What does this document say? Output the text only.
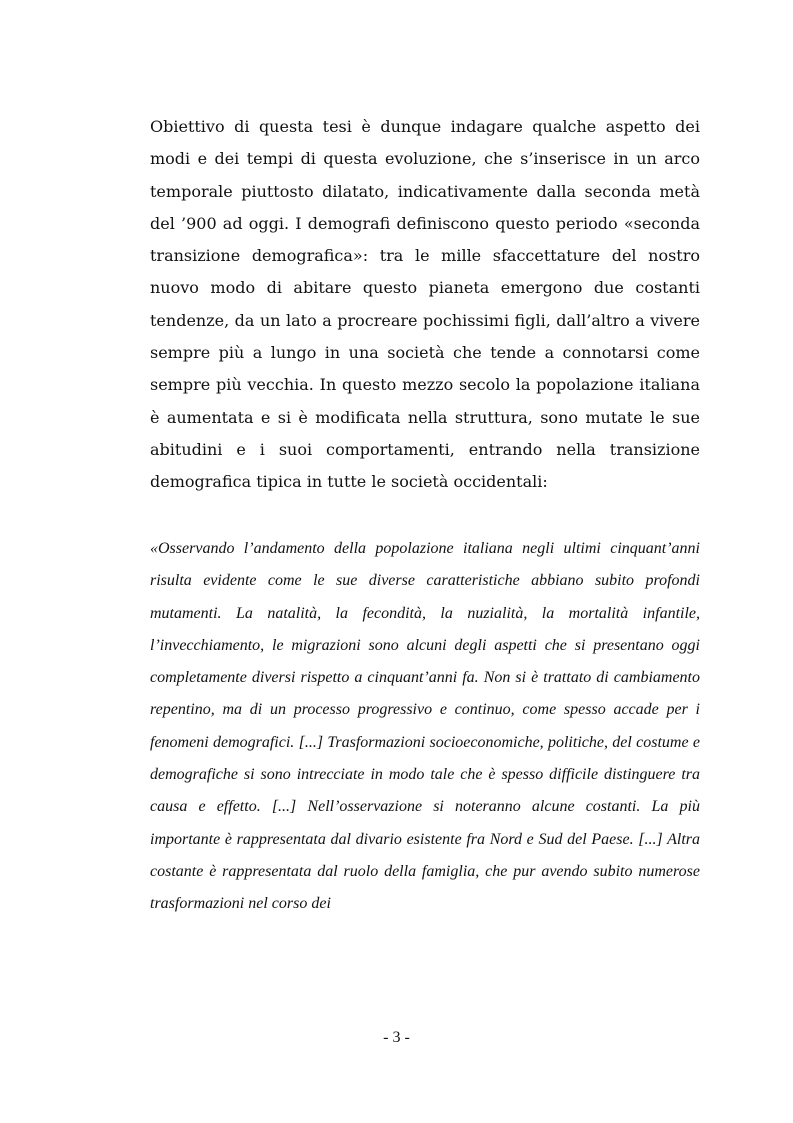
Obiettivo di questa tesi è dunque indagare qualche aspetto dei modi e dei tempi di questa evoluzione, che s’inserisce in un arco temporale piuttosto dilatato, indicativamente dalla seconda metà del ’900 ad oggi. I demografi definiscono questo periodo «seconda transizione demografica»: tra le mille sfaccettature del nostro nuovo modo di abitare questo pianeta emergono due costanti tendenze, da un lato a procreare pochissimi figli, dall’altro a vivere sempre più a lungo in una società che tende a connotarsi come sempre più vecchia. In questo mezzo secolo la popolazione italiana è aumentata e si è modificata nella struttura, sono mutate le sue abitudini e i suoi comportamenti, entrando nella transizione demografica tipica in tutte le società occidentali:

«Osservando l’andamento della popolazione italiana negli ultimi cinquant’anni risulta evidente come le sue diverse caratteristiche abbiano subito profondi mutamenti. La natalità, la fecondità, la nuzialità, la mortalità infantile, l’invecchiamento, le migrazioni sono alcuni degli aspetti che si presentano oggi completamente diversi rispetto a cinquant’anni fa. Non si è trattato di cambiamento repentino, ma di un processo progressivo e continuo, come spesso accade per i fenomeni demografici. [...] Trasformazioni socioeconomiche, politiche, del costume e demografiche si sono intrecciate in modo tale che è spesso difficile distinguere tra causa e effetto. [...] Nell’osservazione si noteranno alcune costanti. La più importante è rappresentata dal divario esistente fra Nord e Sud del Paese. [...] Altra costante è rappresentata dal ruolo della famiglia, che pur avendo subito numerose trasformazioni nel corso dei

- 3 -
